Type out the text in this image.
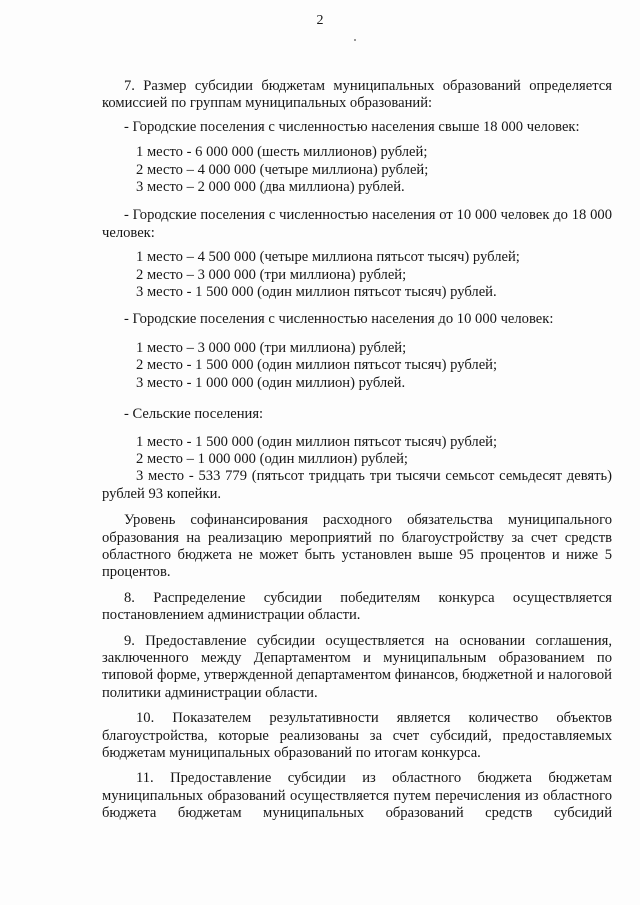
2

7. Размер субсидии бюджетам муниципальных образований определяется комиссией по группам муниципальных образований:

- Городские поселения с численностью населения свыше 18 000 человек:

1 место - 6 000 000 (шесть миллионов) рублей;

2 место – 4 000 000 (четыре миллиона) рублей;

3 место – 2 000 000 (два миллиона) рублей.

- Городские поселения с численностью населения от 10 000 человек до 18 000 человек:

1 место – 4 500 000 (четыре миллиона пятьсот тысяч) рублей;

2 место – 3 000 000 (три миллиона) рублей;

3 место - 1 500 000 (один миллион пятьсот тысяч) рублей.

- Городские поселения с численностью населения до 10 000 человек:

1 место – 3 000 000 (три миллиона) рублей;

2 место - 1 500 000 (один миллион пятьсот тысяч) рублей;

3 место - 1 000 000 (один миллион) рублей.

- Сельские поселения:

1 место - 1 500 000 (один миллион пятьсот тысяч) рублей;

2 место – 1 000 000 (один миллион) рублей;

3 место - 533 779 (пятьсот тридцать три тысячи семьсот семьдесят девять) рублей 93 копейки.

Уровень софинансирования расходного обязательства муниципального образования на реализацию мероприятий по благоустройству за счет средств областного бюджета не может быть установлен выше 95 процентов и ниже 5 процентов.

8. Распределение субсидии победителям конкурса осуществляется постановлением администрации области.

9. Предоставление субсидии осуществляется на основании соглашения, заключенного между Департаментом и муниципальным образованием по типовой форме, утвержденной департаментом финансов, бюджетной и налоговой политики администрации области.

10. Показателем результативности является количество объектов благоустройства, которые реализованы за счет субсидий, предоставляемых бюджетам муниципальных образований по итогам конкурса.

11. Предоставление субсидии из областного бюджета бюджетам муниципальных образований осуществляется путем перечисления из областного бюджета бюджетам муниципальных образований средств субсидий
